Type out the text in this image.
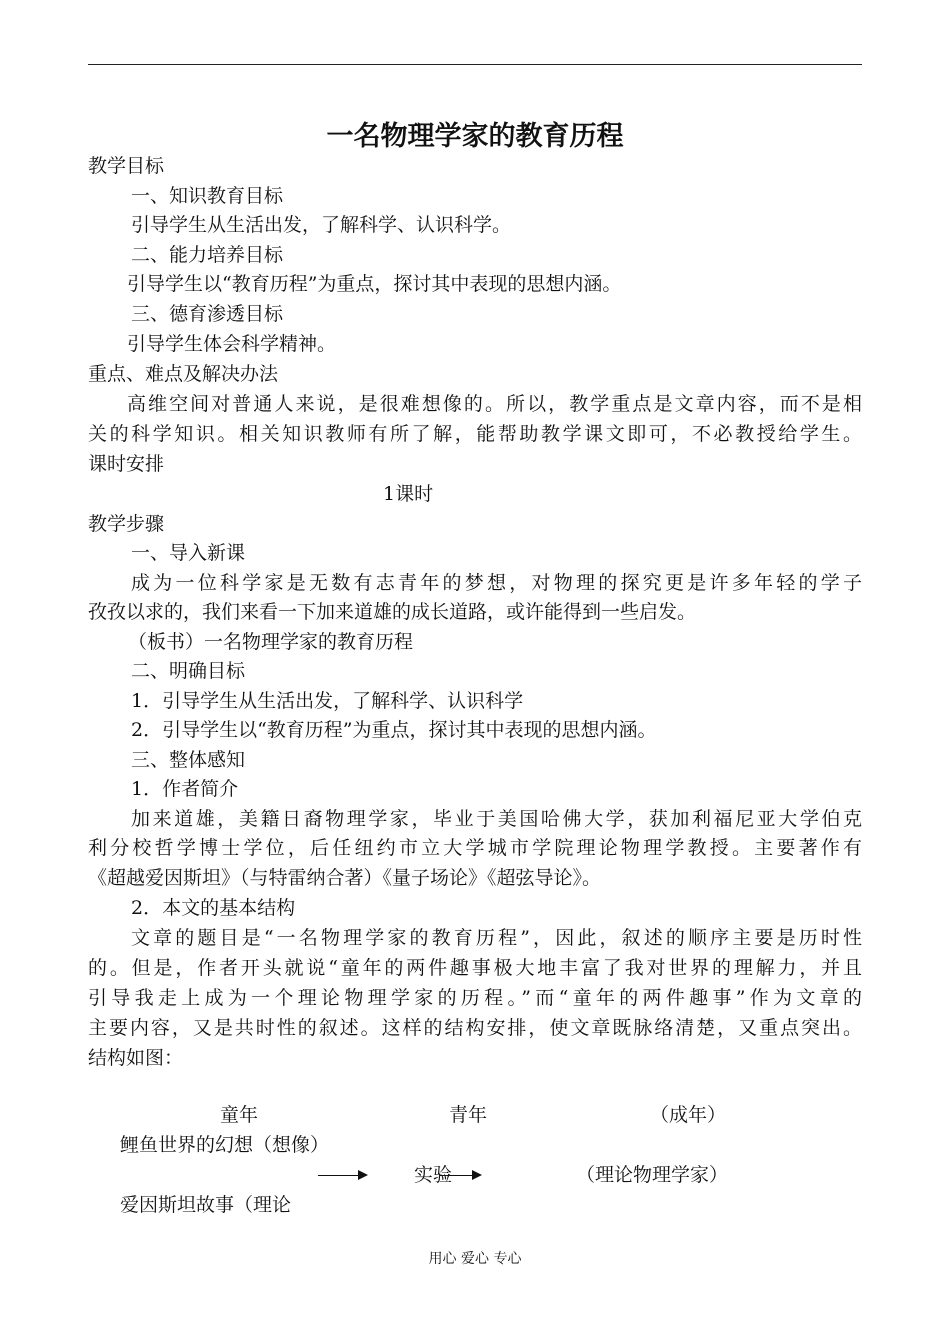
一名物理学家的教育历程
教学目标
一、知识教育目标
引导学生从生活出发，了解科学、认识科学。
二、能力培养目标
引导学生以“教育历程”为重点，探讨其中表现的思想内涵。
三、德育渗透目标
引导学生体会科学精神。
重点、难点及解决办法
高维空间对普通人来说，是很难想像的。所以，教学重点是文章内容，而不是相
关的科学知识。相关知识教师有所了解，能帮助教学课文即可，不必教授给学生。
课时安排
1课时
教学步骤
一、导入新课
成为一位科学家是无数有志青年的梦想，对物理的探究更是许多年轻的学子
孜孜以求的，我们来看一下加来道雄的成长道路，或许能得到一些启发。
（板书）一名物理学家的教育历程
二、明确目标
1．引导学生从生活出发，了解科学、认识科学
2．引导学生以“教育历程”为重点，探讨其中表现的思想内涵。
三、整体感知
1．作者简介
加来道雄，美籍日裔物理学家，毕业于美国哈佛大学，获加利福尼亚大学伯克
利分校哲学博士学位，后任纽约市立大学城市学院理论物理学教授。主要著作有
《超越爱因斯坦》（与特雷纳合著）《量子场论》《超弦导论》。
2．本文的基本结构
文章的题目是“一名物理学家的教育历程”，因此，叙述的顺序主要是历时性
的。但是，作者开头就说“童年的两件趣事极大地丰富了我对世界的理解力，并且
引导我走上成为一个理论物理学家的历程。”而“童年的两件趣事”作为文章的
主要内容，又是共时性的叙述。这样的结构安排，使文章既脉络清楚，又重点突出。
结构如图：
童年	青年	（成年）
鲤鱼世界的幻想（想像）
实验	（理论物理学家）
爱因斯坦故事（理论
用心 爱心 专心
